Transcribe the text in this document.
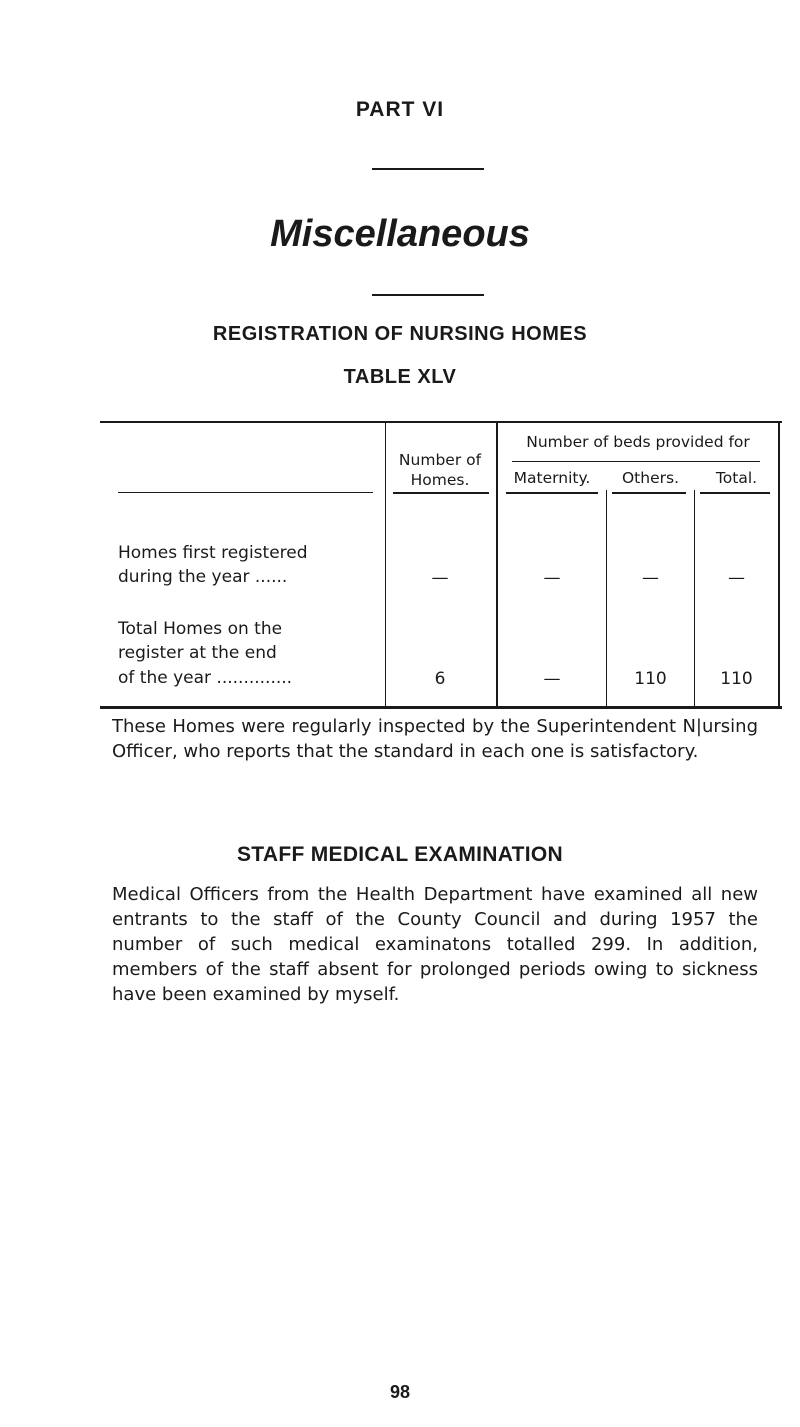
PART VI
Miscellaneous
REGISTRATION OF NURSING HOMES
TABLE XLV
Number of Homes.
Number of beds provided for
Maternity.	Others.	Total.
Homes first registered
during the year ......	—	—	—	—
Total Homes on the
register at the end
of the year ..............	6	—	110	110

These Homes were regularly inspected by the Superintendent N|ursing Officer, who reports that the standard in each one is satisfactory.

STAFF MEDICAL EXAMINATION

Medical Officers from the Health Department have examined all new entrants to the staff of the County Council and during 1957 the number of such medical examinatons totalled 299. In addition, members of the staff absent for prolonged periods owing to sickness have been examined by myself.

98
